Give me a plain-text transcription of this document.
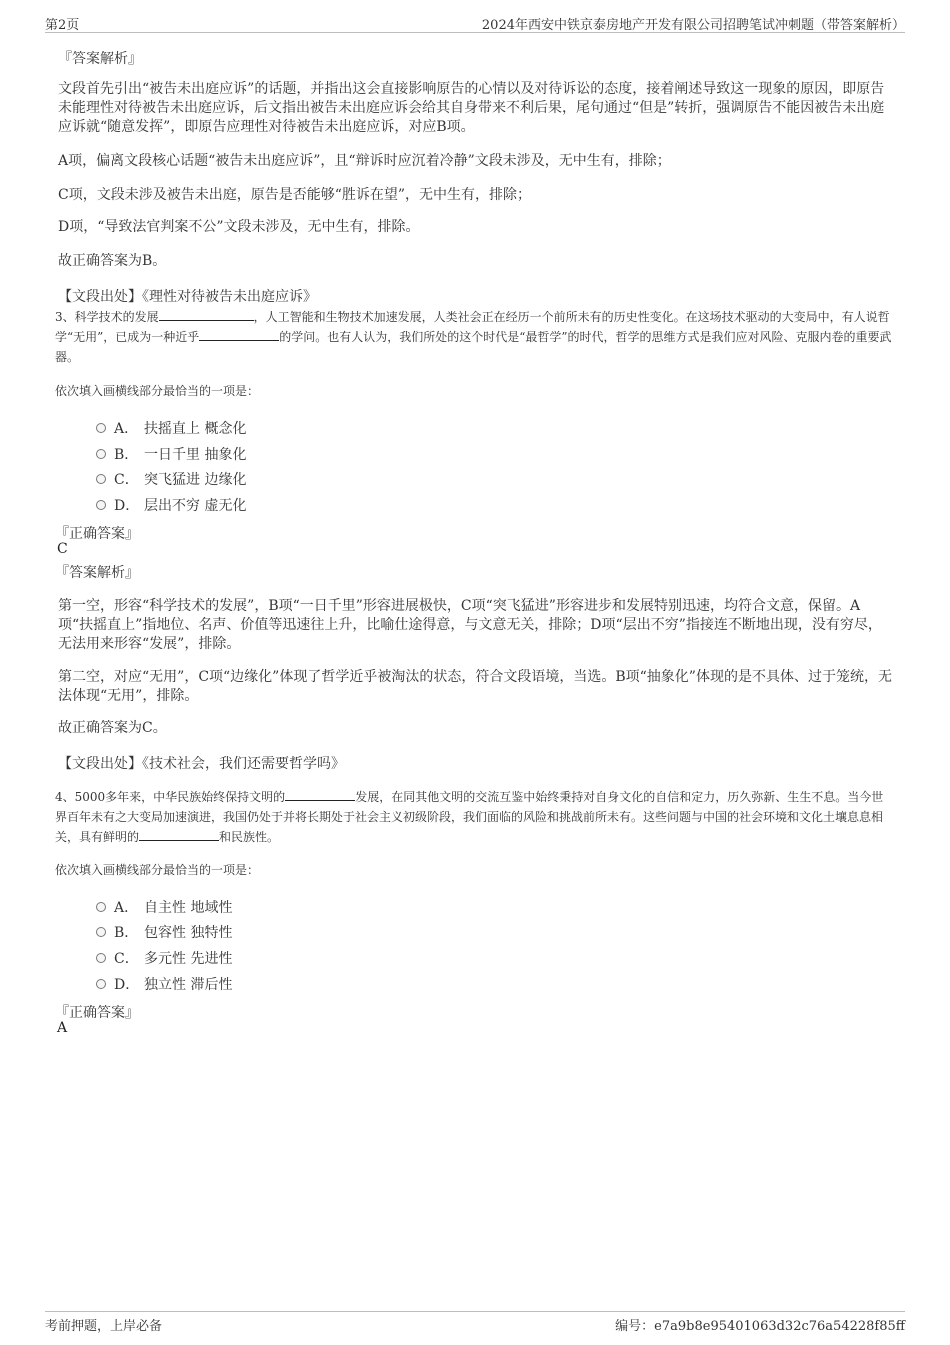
第2页	2024年西安中铁京泰房地产开发有限公司招聘笔试冲刺题（带答案解析）
『答案解析』

文段首先引出“被告未出庭应诉”的话题，并指出这会直接影响原告的心情以及对待诉讼的态度，接着阐述导致这一现象的原因，即原告未能理性对待被告未出庭应诉，后文指出被告未出庭应诉会给其自身带来不利后果，尾句通过“但是”转折，强调原告不能因被告未出庭应诉就“随意发挥”，即原告应理性对待被告未出庭应诉，对应B项。

A项，偏离文段核心话题“被告未出庭应诉”，且“辩诉时应沉着冷静”文段未涉及，无中生有，排除；

C项，文段未涉及被告未出庭，原告是否能够“胜诉在望”，无中生有，排除；

D项，“导致法官判案不公”文段未涉及，无中生有，排除。

故正确答案为B。

【文段出处】《理性对待被告未出庭应诉》

3、科学技术的发展	，人工智能和生物技术加速发展，人类社会正在经历一个前所未有的历史性变化。在这场技术驱动的大变局中，有人说哲学“无用”，已成为一种近乎	的学问。也有人认为，我们所处的这个时代是“最哲学”的时代，哲学的思维方式是我们应对风险、克服内卷的重要武器。

依次填入画横线部分最恰当的一项是：
A． 扶摇直上 概念化
B． 一日千里 抽象化
C． 突飞猛进 边缘化
D． 层出不穷 虚无化
『正确答案』
C
『答案解析』

第一空，形容“科学技术的发展”，B项“一日千里”形容进展极快，C项“突飞猛进”形容进步和发展特别迅速，均符合文意，保留。A项“扶摇直上”指地位、名声、价值等迅速往上升，比喻仕途得意，与文意无关，排除；D项“层出不穷”指接连不断地出现，没有穷尽，无法用来形容“发展”，排除。

第二空，对应“无用”，C项“边缘化”体现了哲学近乎被淘汰的状态，符合文段语境，当选。B项“抽象化”体现的是不具体、过于笼统，无法体现“无用”，排除。

故正确答案为C。

【文段出处】《技术社会，我们还需要哲学吗》

4、5000多年来，中华民族始终保持文明的	发展，在同其他文明的交流互鉴中始终秉持对自身文化的自信和定力，历久弥新、生生不息。当今世界百年未有之大变局加速演进，我国仍处于并将长期处于社会主义初级阶段，我们面临的风险和挑战前所未有。这些问题与中国的社会环境和文化土壤息息相关，具有鲜明的	和民族性。

依次填入画横线部分最恰当的一项是：
A． 自主性 地域性
B． 包容性 独特性
C． 多元性 先进性
D． 独立性 滞后性
『正确答案』
A
考前押题，上岸必备	编号：e7a9b8e95401063d32c76a54228f85ff
